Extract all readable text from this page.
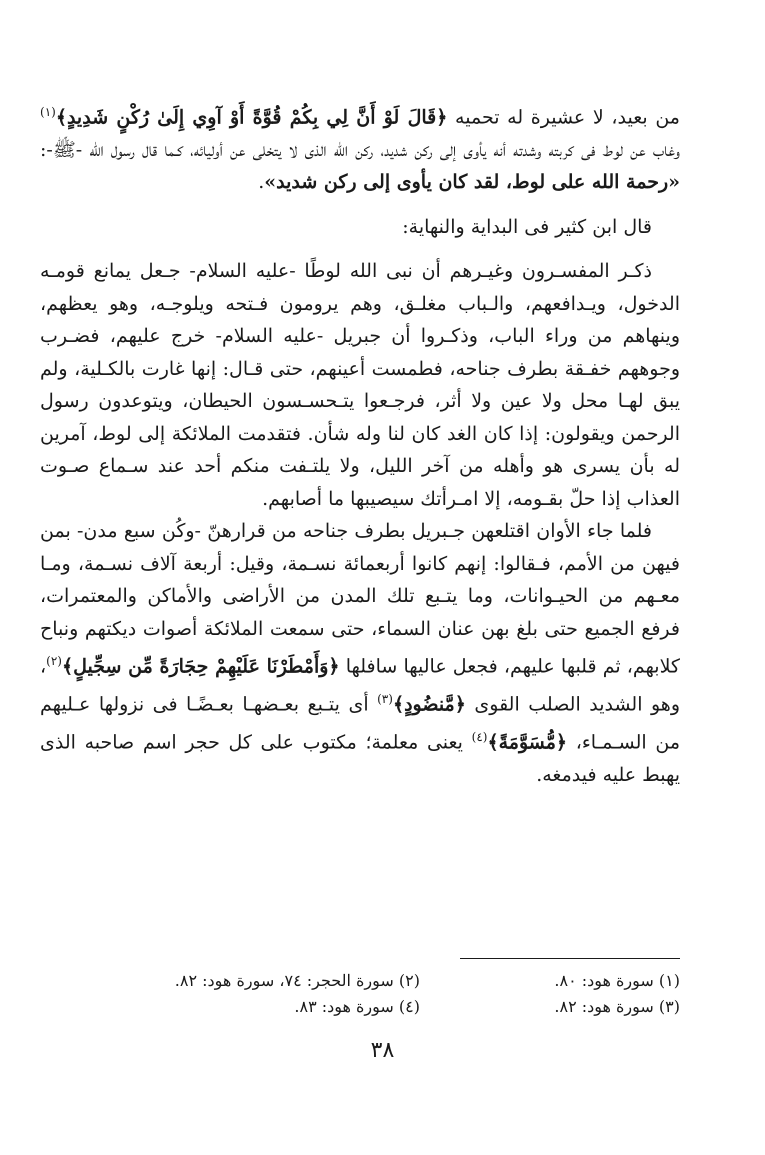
من بعيد، لا عشيرة له تحميه ﴿قَالَ لَوْ أَنَّ لِي بِكُمْ قُوَّةً أَوْ آوِي إِلَىٰ رُكْنٍ شَدِيدٍ﴾$^{(١)}$ وغاب عن لوط فى كربته وشدته أنه يأوى إلى ركن شديد، ركن الله الذى لا يتخلى عن أوليائه، كـما قال رسول الله -ﷺ-: «رحمة الله على لوط، لقد كان يأوى إلى ركن شديد».

قال ابن كثير فى البداية والنهاية:

ذكـر المفسـرون وغيـرهم أن نبى الله لوطًا -عليه السلام- جـعل يمانع قومـه الدخول، ويـدافعهم، والـباب مغلـق، وهم يرومون فـتحه ويلوجـه، وهو يعظهم، وينهاهم من وراء الباب، وذكـروا أن جبريل -عليه السلام- خرج عليهم، فضـرب وجوههم خفـقة بطرف جناحه، فطمست أعينهم، حتى قـال: إنها غارت بالكـلية، ولم يبق لهـا محل ولا عين ولا أثر، فرجـعوا يتـحسـسون الحيطان، ويتوعدون رسول الرحمن ويقولون: إذا كان الغد كان لنا وله شأن. فتقدمت الملائكة إلى لوط، آمرين له بأن يسرى هو وأهله من آخر الليل، ولا يلتـفت منكم أحد عند سـماع صـوت العذاب إذا حلّ بقـومه، إلا امـرأتك سيصيبها ما أصابهم.

فلما جاء الأوان اقتلعهن جـبريل بطرف جناحه من قرارهنّ -وكُن سبع مدن- بمن فيهن من الأمم، فـقالوا: إنهم كانوا أربعمائة نسـمة، وقيل: أربعة آلاف نسـمة، ومـا معـهم من الحيـوانات، وما يتـبع تلك المدن من الأراضى والأماكن والمعتمرات، فرفع الجميع حتى بلغ بهن عنان السماء، حتى سمعت الملائكة أصوات ديكتهم ونباح كلابهم، ثم قلبها عليهم، فجعل عاليها سافلها ﴿وَأَمْطَرْنَا عَلَيْهِمْ حِجَارَةً مِّن سِجِّيلٍ﴾$^{(٢)}$، وهو الشديد الصلب القوى ﴿مَّنضُودٍ﴾$^{(٣)}$ أى يتـبع بعـضهـا بعـضًـا فى نزولها عـليهم من السـمـاء، ﴿مُّسَوَّمَةً﴾$^{(٤)}$ يعنى معلمة؛ مكتوب على كل حجر اسم صاحبه الذى يهبط عليه فيدمغه.

(١) سورة هود: ٨٠.
(٢) سورة الحجر: ٧٤، سورة هود: ٨٢.
(٣) سورة هود: ٨٢.
(٤) سورة هود: ٨٣.
٣٨
